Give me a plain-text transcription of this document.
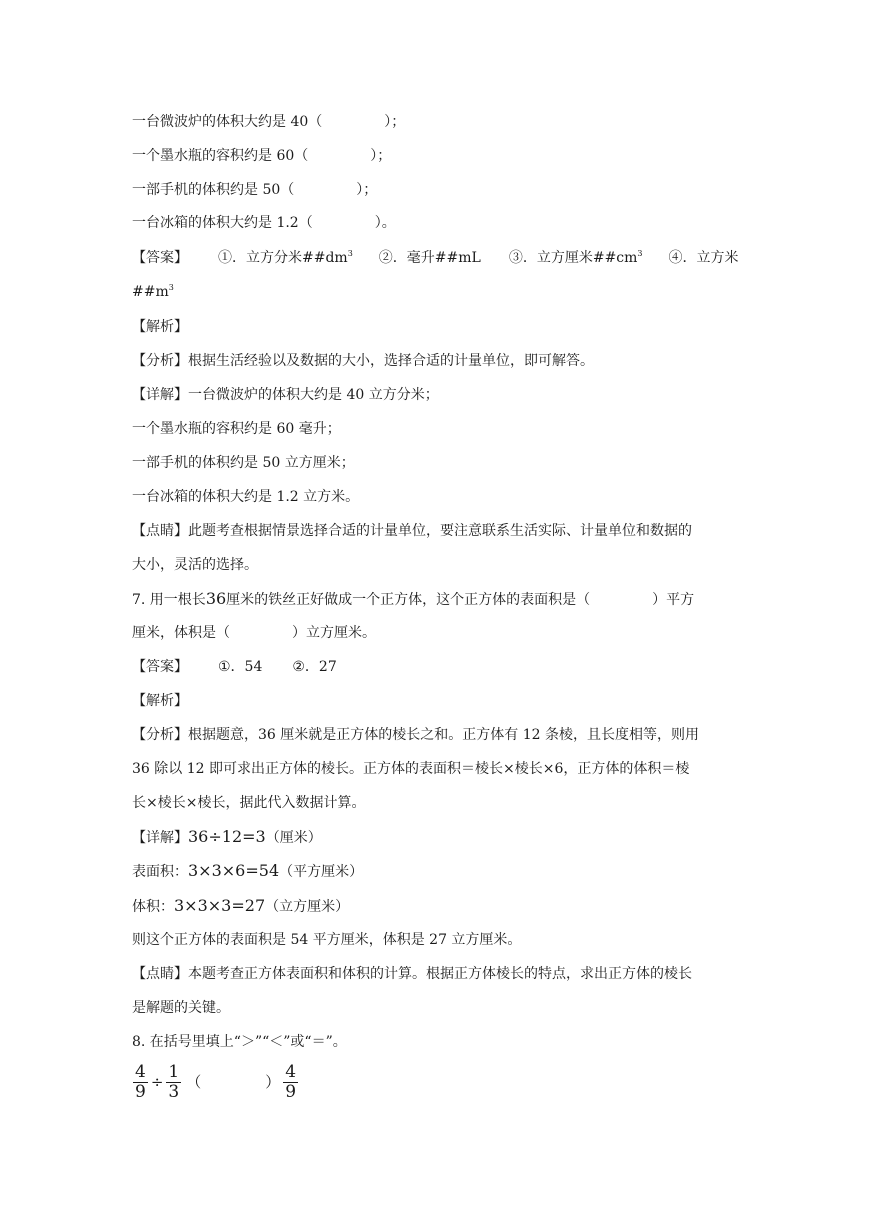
一台微波炉的体积大约是 40（	）；
一个墨水瓶的容积约是 60（	）；
一部手机的体积约是 50（	）；
一台冰箱的体积大约是 1.2（	）。
【答案】 ①．立方分米$\#\#dm^3$ ②．毫升##mL ③．立方厘米$\#\#cm^3$ ④．立方米
$\#\#m^3$
【解析】
【分析】根据生活经验以及数据的大小，选择合适的计量单位，即可解答。
【详解】一台微波炉的体积大约是 40 立方分米；
一个墨水瓶的容积约是 60 毫升；
一部手机的体积约是 50 立方厘米；
一台冰箱的体积大约是 1.2 立方米。
【点睛】此题考查根据情景选择合适的计量单位，要注意联系生活实际、计量单位和数据的
大小，灵活的选择。
7. 用一根长36厘米的铁丝正好做成一个正方体，这个正方体的表面积是（	）平方
厘米，体积是（	）立方厘米。
【答案】 ①．54 ②．27
【解析】
【分析】根据题意，36 厘米就是正方体的棱长之和。正方体有 12 条棱，且长度相等，则用
36 除以 12 即可求出正方体的棱长。正方体的表面积＝棱长×棱长×6，正方体的体积＝棱
长×棱长×棱长，据此代入数据计算。
【详解】36÷12=3（厘米）
表面积：3×3×6=54（平方厘米）
体积：3×3×3=27（立方厘米）
则这个正方体的表面积是 54 平方厘米，体积是 27 立方厘米。
【点睛】本题考查正方体表面积和体积的计算。根据正方体棱长的特点，求出正方体的棱长
是解题的关键。
8. 在括号里填上“＞”“＜”或“＝”。
$\frac{4}{9} \div \frac{1}{3}$ （	） $\frac{4}{9}$
